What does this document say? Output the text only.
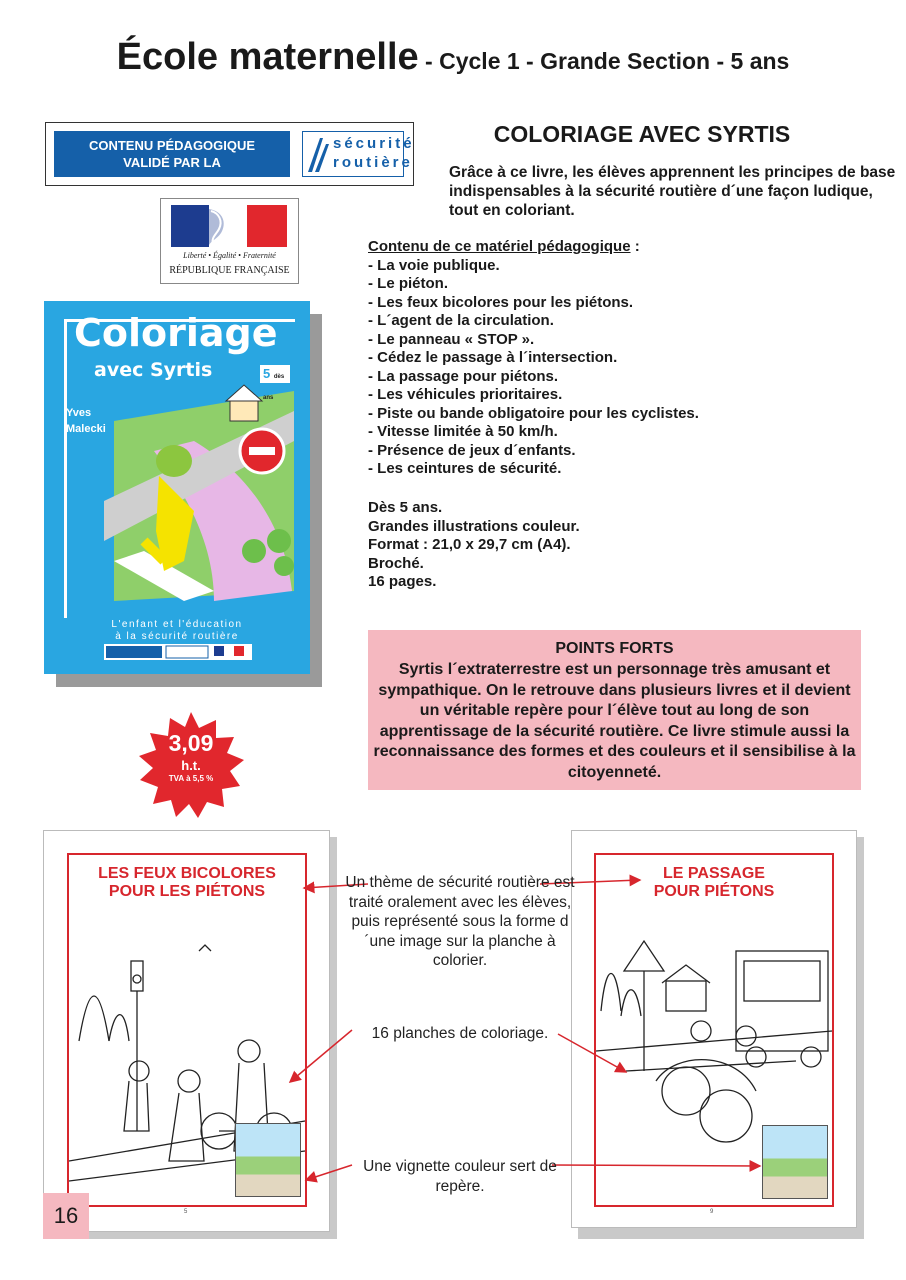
École maternelle - Cycle 1 - Grande Section - 5 ans
CONTENU PÉDAGOGIQUE
VALIDÉ PAR LA
sécurité
routière
Liberté • Égalité • Fraternité
RÉPUBLIQUE FRANÇAISE
Coloriage
avec Syrtis	5 dès ans
Yves
Malecki
L'enfant et l'éducation
à la sécurité routière
3,09
h.t.
TVA à 5,5 %
COLORIAGE AVEC SYRTIS
Grâce à ce livre, les élèves apprennent les principes de base indispensables à la sécurité routière d´une façon ludique, tout en coloriant.
Contenu de ce matériel pédagogique :
- La voie publique.
- Le piéton.
- Les feux bicolores pour les piétons.
- L´agent de la circulation.
- Le panneau « STOP ».
- Cédez le passage à l´intersection.
- La passage pour piétons.
- Les véhicules prioritaires.
- Piste ou bande obligatoire pour les cyclistes.
- Vitesse limitée à 50 km/h.
- Présence de jeux d´enfants.
- Les ceintures de sécurité.
Dès 5 ans.
Grandes illustrations couleur.
Format : 21,0 x 29,7 cm (A4).
Broché.
16 pages.
POINTS FORTS
Syrtis l´extraterrestre est un personnage très amusant et sympathique. On le retrouve dans plusieurs livres et il devient un véritable repère pour l´élève tout au long de son apprentissage de la sécurité routière. Ce livre stimule aussi la reconnaissance des formes et des couleurs et il sensibilise à la citoyenneté.
LES FEUX BICOLORES
POUR LES PIÉTONS
5
LE PASSAGE
POUR PIÉTONS
9
Un thème de sécurité routière est traité oralement avec les élèves, puis représenté sous la forme d´une image sur la planche à colorier.
16 planches de coloriage.
Une vignette couleur sert de repère.
16
